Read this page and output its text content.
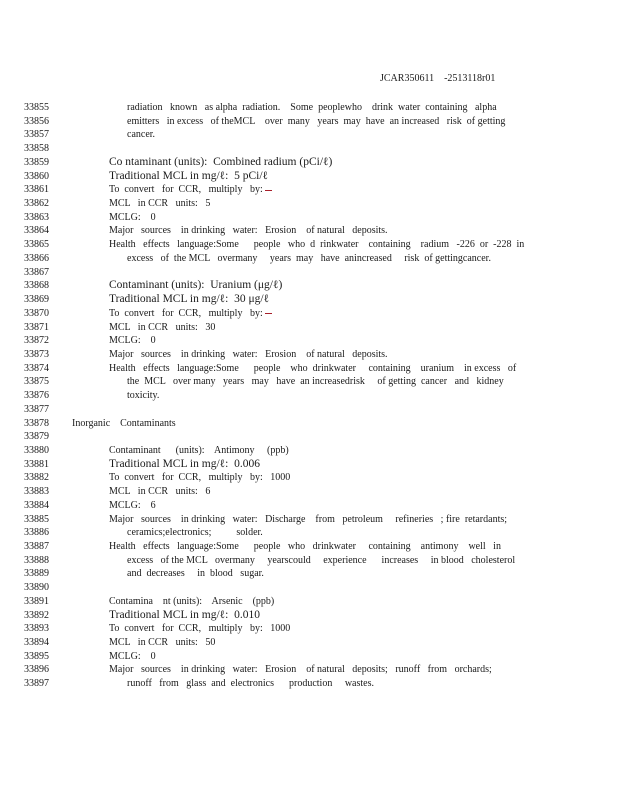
JCAR350611    -2513118r01
33855	radiation   known   as alpha  radiation.    Some  peoplewho    drink  water  containing   alpha
33856	emitters   in excess   of theMCL    over  many   years  may  have  an increased   risk  of getting
33857	cancer.
33858
33859	Co ntaminant (units):  Combined radium (pCi/ℓ)
33860	Traditional MCL in mg/ℓ:  5 pCi/ℓ
33861	To  convert   for  CCR,   multiply   by:
33862	MCL   in CCR   units:   5
33863	MCLG:    0
33864	Major   sources    in drinking   water:   Erosion    of natural   deposits.
33865	Health   effects   language:Some      people   who  d  rinkwater    containing    radium   -226  or  -228  in
33866	excess   of  the MCL   overmany     years  may   have  anincreased     risk  of gettingcancer.
33867
33868	Contaminant (units):  Uranium (μg/ℓ)
33869	Traditional MCL in mg/ℓ:  30 μg/ℓ
33870	To  convert   for  CCR,   multiply   by:
33871	MCL   in CCR   units:   30
33872	MCLG:    0
33873	Major   sources    in drinking   water:   Erosion    of natural   deposits.
33874	Health   effects   language:Some      people    who  drinkwater     containing    uranium    in excess   of
33875	the  MCL   over many   years   may   have  an increasedrisk     of getting  cancer   and   kidney
33876	toxicity.
33877
33878 Inorganic    Contaminants
33879
33880	Contaminant      (units):    Antimony     (ppb)
33881	Traditional MCL in mg/ℓ:  0.006
33882	To  convert   for  CCR,   multiply   by:   1000
33883	MCL   in CCR   units:   6
33884	MCLG:    6
33885	Major   sources    in drinking   water:   Discharge    from   petroleum     refineries   ; fire  retardants;
33886	ceramics;electronics;          solder.
33887	Health   effects   language:Some      people   who   drinkwater     containing    antimony    well   in
33888	excess   of the MCL   overmany     yearscould     experience      increases     in blood   cholesterol
33889	and  decreases     in  blood   sugar.
33890
33891	Contamina    nt (units):    Arsenic    (ppb)
33892	Traditional MCL in mg/ℓ:  0.010
33893	To  convert   for  CCR,   multiply   by:   1000
33894	MCL   in CCR   units:   50
33895	MCLG:    0
33896	Major   sources    in drinking   water:   Erosion    of natural   deposits;   runoff   from   orchards;
33897	runoff   from   glass  and  electronics      production     wastes.
